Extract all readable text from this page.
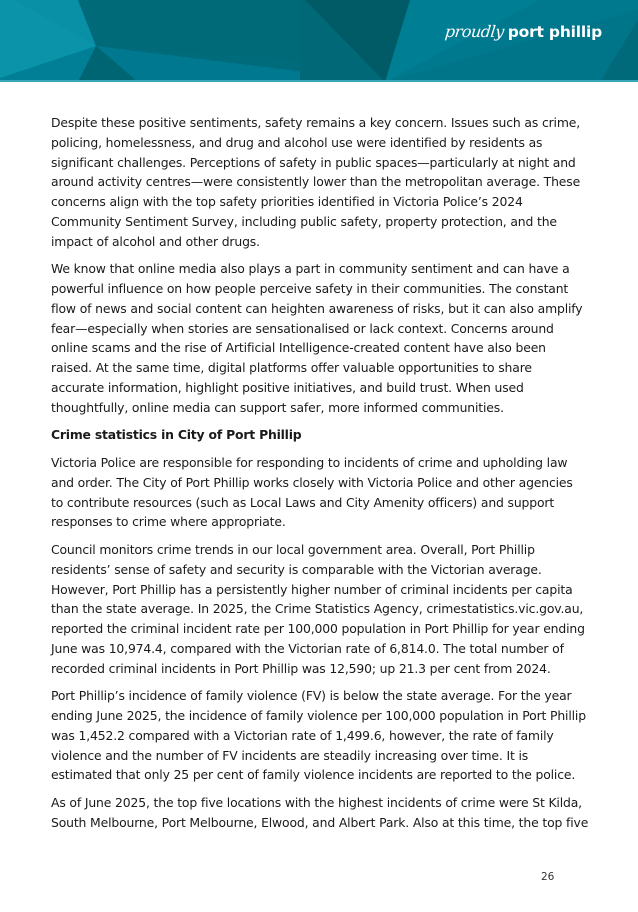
proudly port phillip

Despite these positive sentiments, safety remains a key concern. Issues such as crime,
policing, homelessness, and drug and alcohol use were identified by residents as
significant challenges. Perceptions of safety in public spaces—particularly at night and
around activity centres—were consistently lower than the metropolitan average. These
concerns align with the top safety priorities identified in Victoria Police’s 2024
Community Sentiment Survey, including public safety, property protection, and the
impact of alcohol and other drugs.

We know that online media also plays a part in community sentiment and can have a
powerful influence on how people perceive safety in their communities. The constant
flow of news and social content can heighten awareness of risks, but it can also amplify
fear—especially when stories are sensationalised or lack context. Concerns around
online scams and the rise of Artificial Intelligence-created content have also been
raised. At the same time, digital platforms offer valuable opportunities to share
accurate information, highlight positive initiatives, and build trust. When used
thoughtfully, online media can support safer, more informed communities.

Crime statistics in City of Port Phillip

Victoria Police are responsible for responding to incidents of crime and upholding law
and order. The City of Port Phillip works closely with Victoria Police and other agencies
to contribute resources (such as Local Laws and City Amenity officers) and support
responses to crime where appropriate.

Council monitors crime trends in our local government area. Overall, Port Phillip
residents’ sense of safety and security is comparable with the Victorian average.
However, Port Phillip has a persistently higher number of criminal incidents per capita
than the state average. In 2025, the Crime Statistics Agency, crimestatistics.vic.gov.au,
reported the criminal incident rate per 100,000 population in Port Phillip for year ending
June was 10,974.4, compared with the Victorian rate of 6,814.0. The total number of
recorded criminal incidents in Port Phillip was 12,590; up 21.3 per cent from 2024.

Port Phillip’s incidence of family violence (FV) is below the state average. For the year
ending June 2025, the incidence of family violence per 100,000 population in Port Phillip
was 1,452.2 compared with a Victorian rate of 1,499.6, however, the rate of family
violence and the number of FV incidents are steadily increasing over time. It is
estimated that only 25 per cent of family violence incidents are reported to the police.

As of June 2025, the top five locations with the highest incidents of crime were St Kilda,
South Melbourne, Port Melbourne, Elwood, and Albert Park. Also at this time, the top five

26
